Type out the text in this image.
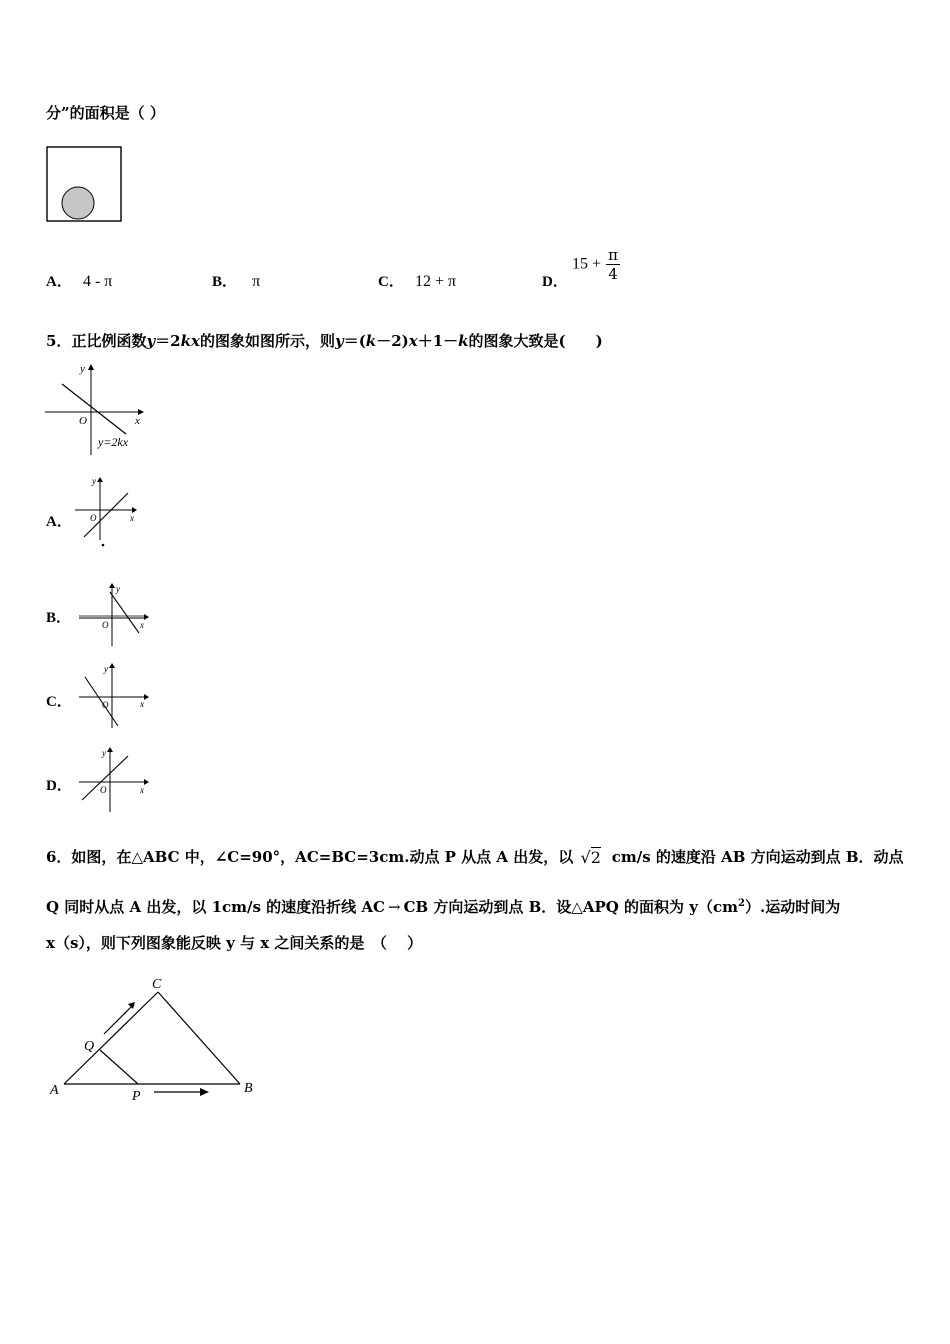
分”的面积是（ ）
A． 4 - π	B． π	C． 12 + π	D．
$15 + \frac{\pi}{4}$
5．正比例函数y＝2kx的图象如图所示，则y＝(k－2)x＋1－k的图象大致是(　　)
y
x
O
y=2kx
A．
y
x
O
B．
y
x
O
C．
y
x
O
D．
y
x
O
6．如图，在△ABC 中，∠C=90°，AC=BC=3cm.动点 P 从点 A 出发，以 √2 cm/s 的速度沿 AB 方向运动到点 B．动点
Q 同时从点 A 出发，以 1cm/s 的速度沿折线 AC → CB 方向运动到点 B．设△APQ 的面积为 $y(cm^2)$.运动时间为
x（s），则下列图象能反映 y 与 x 之间关系的是　（　 ）
C
A	B
P
Q
